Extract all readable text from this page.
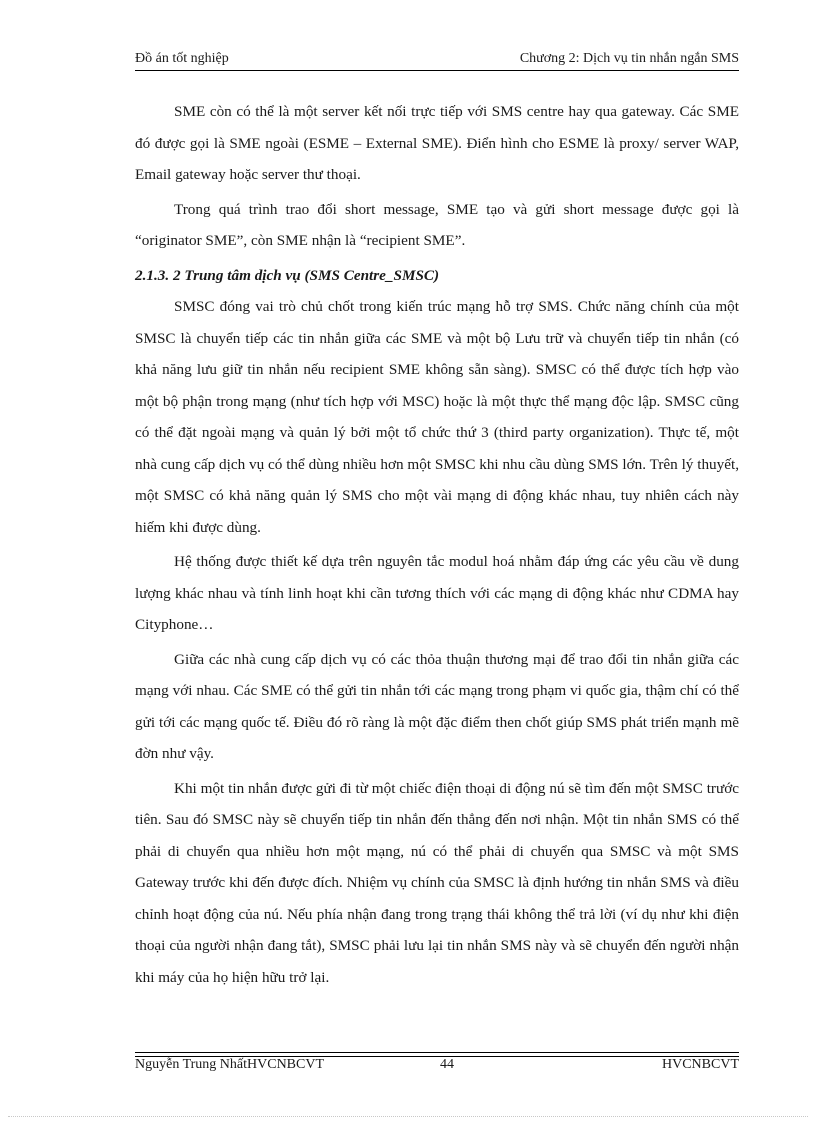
Đồ án tốt nghiệp	Chương 2: Dịch vụ tin nhắn ngắn SMS

SME còn có thể là một server kết nối trực tiếp với SMS centre hay qua gateway. Các SME đó được gọi là SME ngoài (ESME – External SME). Điển hình cho ESME là proxy/ server WAP, Email gateway hoặc server thư thoại.

Trong quá trình trao đổi short message, SME tạo và gửi short message được gọi là “originator SME”, còn SME nhận là “recipient SME”.

2.1.3. 2 Trung tâm dịch vụ (SMS Centre_SMSC)

SMSC đóng vai trò chủ chốt trong kiến trúc mạng hỗ trợ SMS. Chức năng chính của một SMSC là chuyển tiếp các tin nhắn giữa các SME và một bộ Lưu trữ và chuyển tiếp tin nhắn (có khả năng lưu giữ tin nhắn nếu recipient SME không sẵn sàng). SMSC có thể được tích hợp vào một bộ phận trong mạng (như tích hợp với MSC) hoặc là một thực thể mạng độc lập. SMSC cũng có thể đặt ngoài mạng và quản lý bởi một tổ chức thứ 3 (third party organization). Thực tế, một nhà cung cấp dịch vụ có thể dùng nhiều hơn một SMSC khi nhu cầu dùng SMS lớn. Trên lý thuyết, một SMSC có khả năng quản lý SMS cho một vài mạng di động khác nhau, tuy nhiên cách này hiếm khi được dùng.

Hệ thống được thiết kế dựa trên nguyên tắc modul hoá nhằm đáp ứng các yêu cầu về dung lượng khác nhau và tính linh hoạt khi cần tương thích với các mạng di động khác như CDMA hay Cityphone…

Giữa các nhà cung cấp dịch vụ có các thỏa thuận thương mại để trao đổi tin nhắn giữa các mạng với nhau. Các SME có thể gửi tin nhắn tới các mạng trong phạm vi quốc gia, thậm chí có thể gửi tới các mạng quốc tế. Điều đó rõ ràng là một đặc điểm then chốt giúp SMS phát triển mạnh mẽ đờn như vậy.

Khi một tin nhắn được gửi đi từ một chiếc điện thoại di động nú sẽ tìm đến một SMSC trước tiên. Sau đó SMSC này sẽ chuyển tiếp tin nhắn đến thẳng đến nơi nhận. Một tin nhắn SMS có thể phải di chuyển qua nhiều hơn một mạng, nú có thể phải di chuyển qua SMSC và một SMS Gateway trước khi đến được đích. Nhiệm vụ chính của SMSC là định hướng tin nhắn SMS và điều chỉnh hoạt động của nú. Nếu phía nhận đang trong trạng thái không thể trả lời (ví dụ như khi điện thoại của người nhận đang tắt), SMSC phải lưu lại tin nhắn SMS này và sẽ chuyển đến người nhận khi máy của họ hiện hữu trở lại.

Nguyễn Trung NhấtHVCNBCVT	44	HVCNBCVT
